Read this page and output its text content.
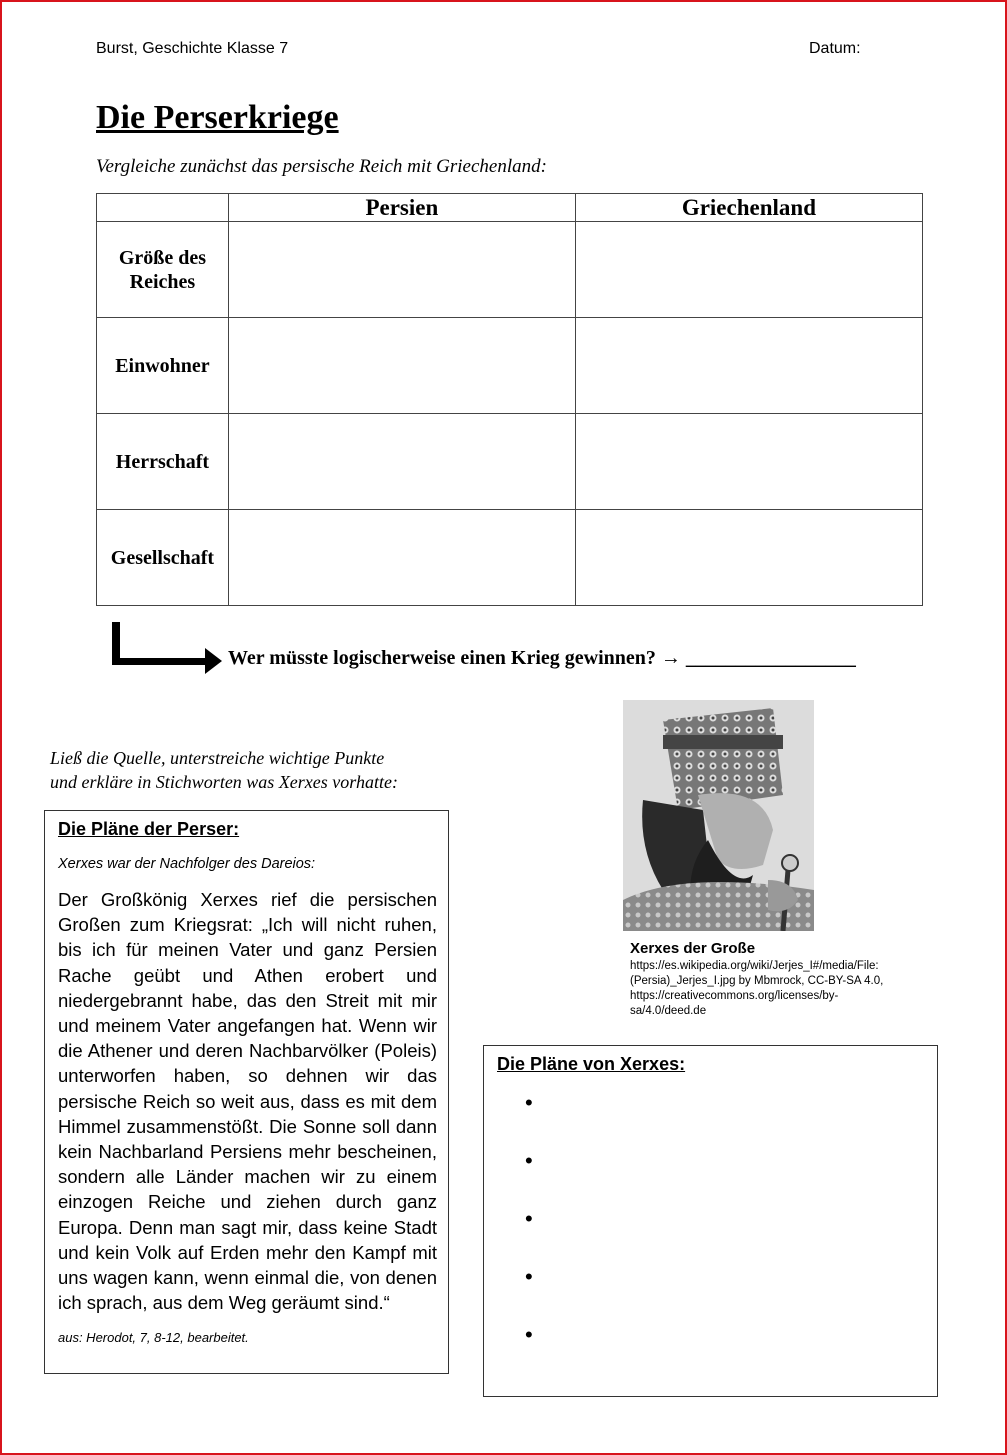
Burst, Geschichte Klasse 7	Datum:
Die Perserkriege
Vergleiche zunächst das persische Reich mit Griechenland:
	Persien	Griechenland
Größe des
Reiches		
Einwohner		
Herrschaft		
Gesellschaft		
Wer müsste logischerweise einen Krieg gewinnen? → _________________
Ließ die Quelle, unterstreiche wichtige Punkte
und erkläre in Stichworten was Xerxes vorhatte:
Die Pläne der Perser:
Xerxes war der Nachfolger des Dareios:
Der Großkönig Xerxes rief die persischen Großen zum Kriegsrat: „Ich will nicht ruhen, bis ich für meinen Vater und ganz Persien Rache geübt und Athen erobert und niedergebrannt habe, das den Streit mit mir und meinem Vater angefangen hat. Wenn wir die Athener und deren Nachbarvölker (Poleis) unterworfen haben, so dehnen wir das persische Reich so weit aus, dass es mit dem Himmel zusammenstößt. Die Sonne soll dann kein Nachbarland Persiens mehr bescheinen, sondern alle Länder machen wir zu einem einzogen Reiche und ziehen durch ganz Europa. Denn man sagt mir, dass keine Stadt und kein Volk auf Erden mehr den Kampf mit uns wagen kann, wenn einmal die, von denen ich sprach, aus dem Weg geräumt sind.“
aus: Herodot, 7, 8-12, bearbeitet.
Xerxes der Große
https://es.wikipedia.org/wiki/Jerjes_I#/media/File:(Persia)_Jerjes_I.jpg by Mbmrock, CC-BY-SA 4.0, https://creativecommons.org/licenses/by-sa/4.0/deed.de
Die Pläne von Xerxes:
•
•
•
•
•
